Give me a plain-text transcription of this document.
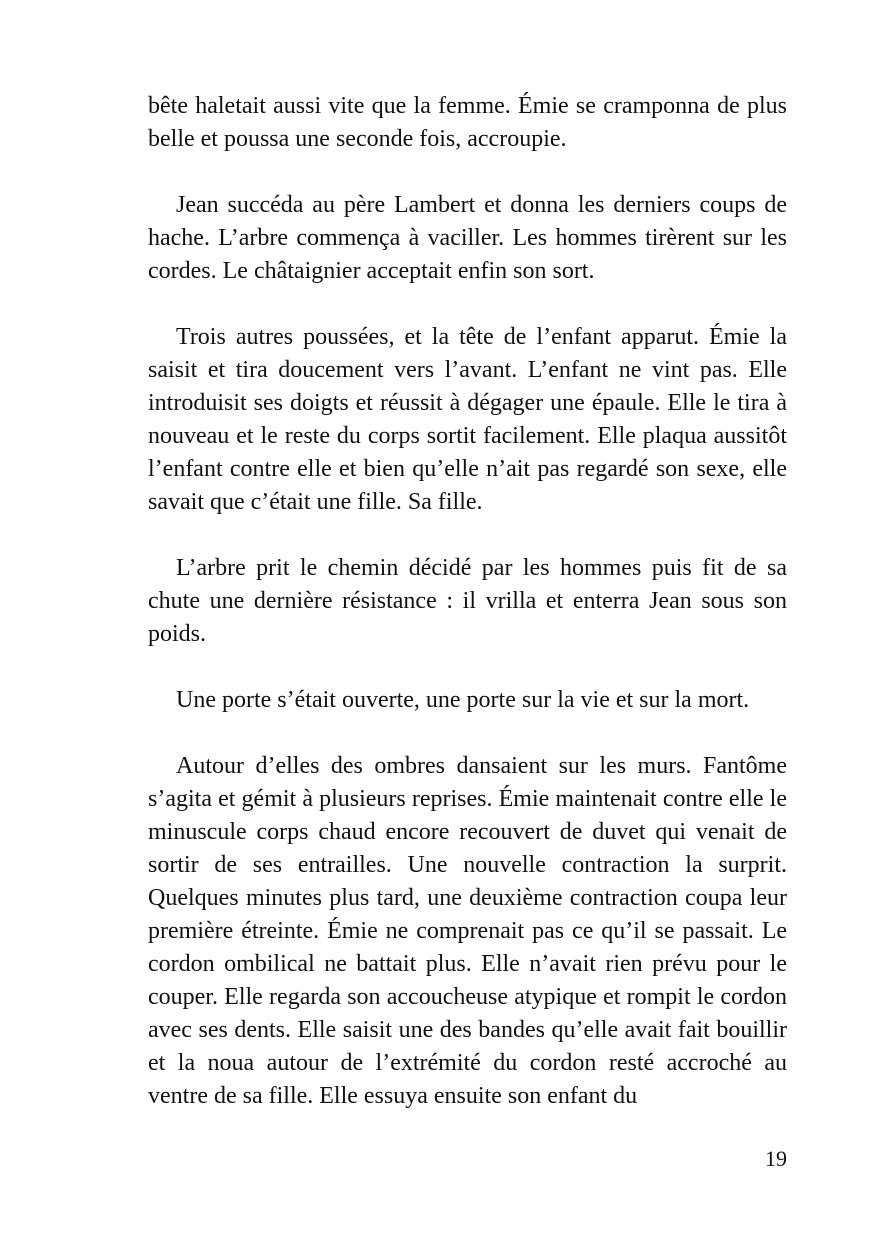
bête haletait aussi vite que la femme. Émie se cramponna de plus belle et poussa une seconde fois, accroupie.

Jean succéda au père Lambert et donna les derniers coups de hache. L’arbre commença à vaciller. Les hommes tirèrent sur les cordes. Le châtaignier acceptait enfin son sort.

Trois autres poussées, et la tête de l’enfant apparut. Émie la saisit et tira doucement vers l’avant. L’enfant ne vint pas. Elle introduisit ses doigts et réussit à dégager une épaule. Elle le tira à nouveau et le reste du corps sortit facilement. Elle plaqua aussitôt l’enfant contre elle et bien qu’elle n’ait pas regardé son sexe, elle savait que c’était une fille. Sa fille.

L’arbre prit le chemin décidé par les hommes puis fit de sa chute une dernière résistance : il vrilla et enterra Jean sous son poids.

Une porte s’était ouverte, une porte sur la vie et sur la mort.

Autour d’elles des ombres dansaient sur les murs. Fantôme s’agita et gémit à plusieurs reprises. Émie maintenait contre elle le minuscule corps chaud encore recouvert de duvet qui venait de sortir de ses entrailles. Une nouvelle contraction la surprit. Quelques minutes plus tard, une deuxième contraction coupa leur première étreinte. Émie ne comprenait pas ce qu’il se passait. Le cordon ombilical ne battait plus. Elle n’avait rien prévu pour le couper. Elle regarda son accoucheuse atypique et rompit le cordon avec ses dents. Elle saisit une des bandes qu’elle avait fait bouillir et la noua autour de l’extrémité du cordon resté accroché au ventre de sa fille. Elle essuya ensuite son enfant du

19
